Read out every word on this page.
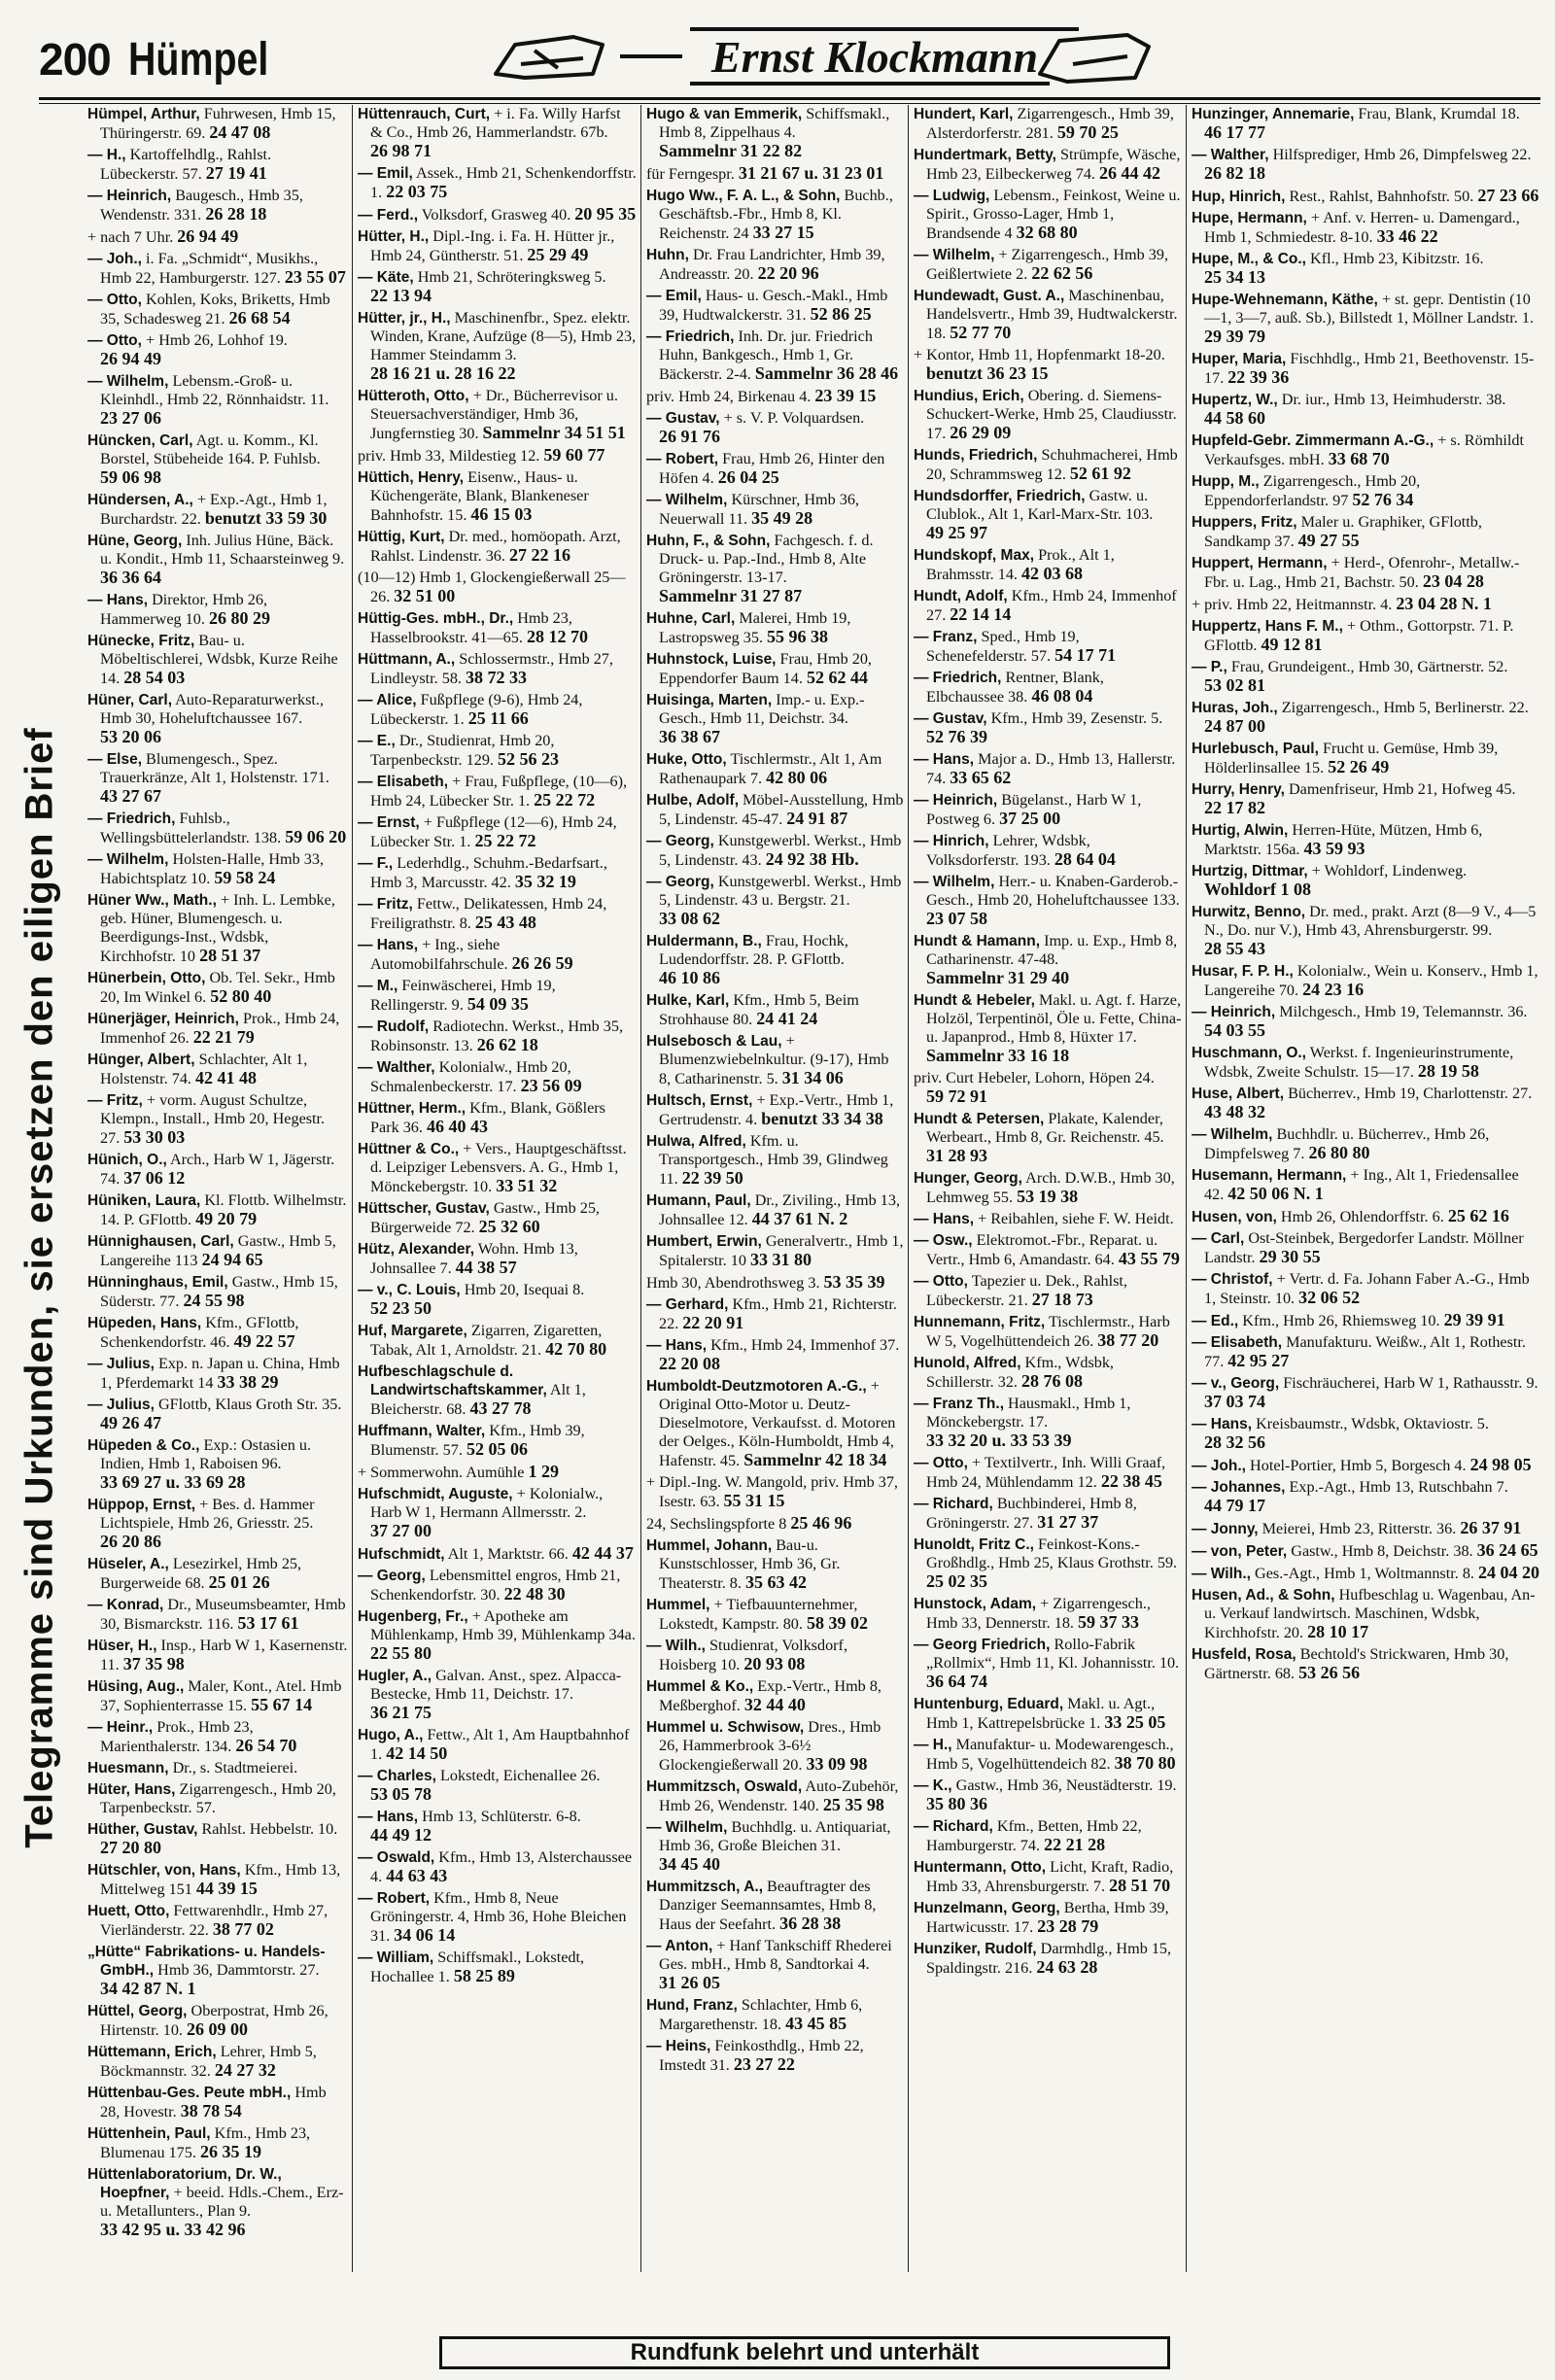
200 Hümpel	Ernst Klockmann
Telegramme sind Urkunden, sie ersetzen den eiligen Brief
Hümpel, Arthur, Fuhrwesen, Hmb 15, Thüringerstr. 69. 24 47 08
— H., Kartoffelhdlg., Rahlst. Lübeckerstr. 57. 27 19 41
— Heinrich, Baugesch., Hmb 35, Wendenstr. 331. 26 28 18
+ nach 7 Uhr. 26 94 49
— Joh., i. Fa. „Schmidt“, Musikhs., Hmb 22, Hamburgerstr. 127. 23 55 07
— Otto, Kohlen, Koks, Briketts, Hmb 35, Schadesweg 21. 26 68 54
— Otto, + Hmb 26, Lohhof 19. 26 94 49
— Wilhelm, Lebensm.-Groß- u. Kleinhdl., Hmb 22, Rönnhaidstr. 11. 23 27 06
Hüncken, Carl, Agt. u. Komm., Kl. Borstel, Stübeheide 164. P. Fuhlsb. 59 06 98
Hündersen, A., + Exp.-Agt., Hmb 1, Burchardstr. 22. benutzt 33 59 30
Hüne, Georg, Inh. Julius Hüne, Bäck. u. Kondit., Hmb 11, Schaarsteinweg 9. 36 36 64
— Hans, Direktor, Hmb 26, Hammerweg 10. 26 80 29
Hünecke, Fritz, Bau- u. Möbeltischlerei, Wdsbk, Kurze Reihe 14. 28 54 03
Hüner, Carl, Auto-Reparaturwerkst., Hmb 30, Hoheluftchaussee 167. 53 20 06
— Else, Blumengesch., Spez. Trauerkränze, Alt 1, Holstenstr. 171. 43 27 67
— Friedrich, Fuhlsb., Wellingsbüttelerlandstr. 138. 59 06 20
— Wilhelm, Holsten-Halle, Hmb 33, Habichtsplatz 10. 59 58 24
Hüner Ww., Math., + Inh. L. Lembke, geb. Hüner, Blumengesch. u. Beerdigungs-Inst., Wdsbk, Kirchhofstr. 10 28 51 37
Hünerbein, Otto, Ob. Tel. Sekr., Hmb 20, Im Winkel 6. 52 80 40
Hünerjäger, Heinrich, Prok., Hmb 24, Immenhof 26. 22 21 79
Hünger, Albert, Schlachter, Alt 1, Holstenstr. 74. 42 41 48
— Fritz, + vorm. August Schultze, Klempn., Install., Hmb 20, Hegestr. 27. 53 30 03
Hünich, O., Arch., Harb W 1, Jägerstr. 74. 37 06 12
Hüniken, Laura, Kl. Flottb. Wilhelmstr. 14. P. GFlottb. 49 20 79
Hünnighausen, Carl, Gastw., Hmb 5, Langereihe 113 24 94 65
Hünninghaus, Emil, Gastw., Hmb 15, Süderstr. 77. 24 55 98
Hüpeden, Hans, Kfm., GFlottb, Schenkendorfstr. 46. 49 22 57
— Julius, Exp. n. Japan u. China, Hmb 1, Pferdemarkt 14 33 38 29
— Julius, GFlottb, Klaus Groth Str. 35. 49 26 47
Hüpeden & Co., Exp.: Ostasien u. Indien, Hmb 1, Raboisen 96. 33 69 27 u. 33 69 28
Hüppop, Ernst, + Bes. d. Hammer Lichtspiele, Hmb 26, Griesstr. 25. 26 20 86
Hüseler, A., Lesezirkel, Hmb 25, Burgerweide 68. 25 01 26
— Konrad, Dr., Museumsbeamter, Hmb 30, Bismarckstr. 116. 53 17 61
Hüser, H., Insp., Harb W 1, Kasernenstr. 11. 37 35 98
Hüsing, Aug., Maler, Kont., Atel. Hmb 37, Sophienterrasse 15. 55 67 14
— Heinr., Prok., Hmb 23, Marienthalerstr. 134. 26 54 70
Huesmann, Dr., s. Stadtmeierei.
Hüter, Hans, Zigarrengesch., Hmb 20, Tarpenbeckstr. 57.
Hüther, Gustav, Rahlst. Hebbelstr. 10. 27 20 80
Hütschler, von, Hans, Kfm., Hmb 13, Mittelweg 151 44 39 15
Huett, Otto, Fettwarenhdlr., Hmb 27, Vierländerstr. 22. 38 77 02
„Hütte“ Fabrikations- u. Handels-GmbH., Hmb 36, Dammtorstr. 27. 34 42 87 N. 1
Hüttel, Georg, Oberpostrat, Hmb 26, Hirtenstr. 10. 26 09 00
Hüttemann, Erich, Lehrer, Hmb 5, Böckmannstr. 32. 24 27 32
Hüttenbau-Ges. Peute mbH., Hmb 28, Hovestr. 38 78 54
Hüttenhein, Paul, Kfm., Hmb 23, Blumenau 175. 26 35 19
Hüttenlaboratorium, Dr. W., Hoepfner, + beeid. Hdls.-Chem., Erz- u. Metallunters., Plan 9. 33 42 95 u. 33 42 96
Hüttenrauch, Curt, + i. Fa. Willy Harfst & Co., Hmb 26, Hammerlandstr. 67b. 26 98 71
— Emil, Assek., Hmb 21, Schenkendorffstr. 1. 22 03 75
— Ferd., Volksdorf, Grasweg 40. 20 95 35
Hütter, H., Dipl.-Ing. i. Fa. H. Hütter jr., Hmb 24, Güntherstr. 51. 25 29 49
— Käte, Hmb 21, Schröteringksweg 5. 22 13 94
Hütter, jr., H., Maschinenfbr., Spez. elektr. Winden, Krane, Aufzüge (8—5), Hmb 23, Hammer Steindamm 3. 28 16 21 u. 28 16 22
Hütteroth, Otto, + Dr., Bücherrevisor u. Steuersachverständiger, Hmb 36, Jungfernstieg 30. Sammelnr 34 51 51
priv. Hmb 33, Mildestieg 12. 59 60 77
Hüttich, Henry, Eisenw., Haus- u. Küchengeräte, Blank, Blankeneser Bahnhofstr. 15. 46 15 03
Hüttig, Kurt, Dr. med., homöopath. Arzt, Rahlst. Lindenstr. 36. 27 22 16
(10—12) Hmb 1, Glockengießerwall 25—26. 32 51 00
Hüttig-Ges. mbH., Dr., Hmb 23, Hasselbrookstr. 41—65. 28 12 70
Hüttmann, A., Schlossermstr., Hmb 27, Lindleystr. 58. 38 72 33
— Alice, Fußpflege (9-6), Hmb 24, Lübeckerstr. 1. 25 11 66
— E., Dr., Studienrat, Hmb 20, Tarpenbeckstr. 129. 52 56 23
— Elisabeth, + Frau, Fußpflege, (10—6), Hmb 24, Lübecker Str. 1. 25 22 72
— Ernst, + Fußpflege (12—6), Hmb 24, Lübecker Str. 1. 25 22 72
— F., Lederhdlg., Schuhm.-Bedarfsart., Hmb 3, Marcusstr. 42. 35 32 19
— Fritz, Fettw., Delikatessen, Hmb 24, Freiligrathstr. 8. 25 43 48
— Hans, + Ing., siehe Automobilfahrschule. 26 26 59
— M., Feinwäscherei, Hmb 19, Rellingerstr. 9. 54 09 35
— Rudolf, Radiotechn. Werkst., Hmb 35, Robinsonstr. 13. 26 62 18
— Walther, Kolonialw., Hmb 20, Schmalenbeckerstr. 17. 23 56 09
Hüttner, Herm., Kfm., Blank, Gößlers Park 36. 46 40 43
Hüttner & Co., + Vers., Hauptgeschäftsst. d. Leipziger Lebensvers. A. G., Hmb 1, Mönckebergstr. 10. 33 51 32
Hüttscher, Gustav, Gastw., Hmb 25, Bürgerweide 72. 25 32 60
Hütz, Alexander, Wohn. Hmb 13, Johnsallee 7. 44 38 57
— v., C. Louis, Hmb 20, Isequai 8. 52 23 50
Huf, Margarete, Zigarren, Zigaretten, Tabak, Alt 1, Arnoldstr. 21. 42 70 80
Hufbeschlagschule d. Landwirtschaftskammer, Alt 1, Bleicherstr. 68. 43 27 78
Huffmann, Walter, Kfm., Hmb 39, Blumenstr. 57. 52 05 06
+ Sommerwohn. Aumühle 1 29
Hufschmidt, Auguste, + Kolonialw., Harb W 1, Hermann Allmersstr. 2. 37 27 00
Hufschmidt, Alt 1, Marktstr. 66. 42 44 37
— Georg, Lebensmittel engros, Hmb 21, Schenkendorfstr. 30. 22 48 30
Hugenberg, Fr., + Apotheke am Mühlenkamp, Hmb 39, Mühlenkamp 34a. 22 55 80
Hugler, A., Galvan. Anst., spez. Alpacca-Bestecke, Hmb 11, Deichstr. 17. 36 21 75
Hugo, A., Fettw., Alt 1, Am Hauptbahnhof 1. 42 14 50
— Charles, Lokstedt, Eichenallee 26. 53 05 78
— Hans, Hmb 13, Schlüterstr. 6-8. 44 49 12
— Oswald, Kfm., Hmb 13, Alsterchaussee 4. 44 63 43
— Robert, Kfm., Hmb 8, Neue Gröningerstr. 4, Hmb 36, Hohe Bleichen 31. 34 06 14
— William, Schiffsmakl., Lokstedt, Hochallee 1. 58 25 89
Hugo & van Emmerik, Schiffsmakl., Hmb 8, Zippelhaus 4. Sammelnr 31 22 82
für Ferngespr. 31 21 67 u. 31 23 01
Hugo Ww., F. A. L., & Sohn, Buchb., Geschäftsb.-Fbr., Hmb 8, Kl. Reichenstr. 24 33 27 15
Huhn, Dr. Frau Landrichter, Hmb 39, Andreasstr. 20. 22 20 96
— Emil, Haus- u. Gesch.-Makl., Hmb 39, Hudtwalckerstr. 31. 52 86 25
— Friedrich, Inh. Dr. jur. Friedrich Huhn, Bankgesch., Hmb 1, Gr. Bäckerstr. 2-4. Sammelnr 36 28 46
priv. Hmb 24, Birkenau 4. 23 39 15
— Gustav, + s. V. P. Volquardsen. 26 91 76
— Robert, Frau, Hmb 26, Hinter den Höfen 4. 26 04 25
— Wilhelm, Kürschner, Hmb 36, Neuerwall 11. 35 49 28
Huhn, F., & Sohn, Fachgesch. f. d. Druck- u. Pap.-Ind., Hmb 8, Alte Gröningerstr. 13-17. Sammelnr 31 27 87
Huhne, Carl, Malerei, Hmb 19, Lastropsweg 35. 55 96 38
Huhnstock, Luise, Frau, Hmb 20, Eppendorfer Baum 14. 52 62 44
Huisinga, Marten, Imp.- u. Exp.-Gesch., Hmb 11, Deichstr. 34. 36 38 67
Huke, Otto, Tischlermstr., Alt 1, Am Rathenaupark 7. 42 80 06
Hulbe, Adolf, Möbel-Ausstellung, Hmb 5, Lindenstr. 45-47. 24 91 87
— Georg, Kunstgewerbl. Werkst., Hmb 5, Lindenstr. 43. 24 92 38 Hb.
— Georg, Kunstgewerbl. Werkst., Hmb 5, Lindenstr. 43 u. Bergstr. 21. 33 08 62
Huldermann, B., Frau, Hochk, Ludendorffstr. 28. P. GFlottb. 46 10 86
Hulke, Karl, Kfm., Hmb 5, Beim Strohhause 80. 24 41 24
Hulsebosch & Lau, + Blumenzwiebelnkultur. (9-17), Hmb 8, Catharinenstr. 5. 31 34 06
Hultsch, Ernst, + Exp.-Vertr., Hmb 1, Gertrudenstr. 4. benutzt 33 34 38
Hulwa, Alfred, Kfm. u. Transportgesch., Hmb 39, Glindweg 11. 22 39 50
Humann, Paul, Dr., Ziviling., Hmb 13, Johnsallee 12. 44 37 61 N. 2
Humbert, Erwin, Generalvertr., Hmb 1, Spitalerstr. 10 33 31 80
Hmb 30, Abendrothsweg 3. 53 35 39
— Gerhard, Kfm., Hmb 21, Richterstr. 22. 22 20 91
— Hans, Kfm., Hmb 24, Immenhof 37. 22 20 08
Humboldt-Deutzmotoren A.-G., + Original Otto-Motor u. Deutz-Dieselmotore, Verkaufsst. d. Motoren der Oelges., Köln-Humboldt, Hmb 4, Hafenstr. 45. Sammelnr 42 18 34
+ Dipl.-Ing. W. Mangold, priv. Hmb 37, Isestr. 63. 55 31 15
24, Sechslingspforte 8 25 46 96
Hummel, Johann, Bau-u. Kunstschlosser, Hmb 36, Gr. Theaterstr. 8. 35 63 42
Hummel, + Tiefbauunternehmer, Lokstedt, Kampstr. 80. 58 39 02
— Wilh., Studienrat, Volksdorf, Hoisberg 10. 20 93 08
Hummel & Ko., Exp.-Vertr., Hmb 8, Meßberghof. 32 44 40
Hummel u. Schwisow, Dres., Hmb 26, Hammerbrook 3-6½ Glockengießerwall 20. 33 09 98
Hummitzsch, Oswald, Auto-Zubehör, Hmb 26, Wendenstr. 140. 25 35 98
— Wilhelm, Buchhdlg. u. Antiquariat, Hmb 36, Große Bleichen 31. 34 45 40
Hummitzsch, A., Beauftragter des Danziger Seemannsamtes, Hmb 8, Haus der Seefahrt. 36 28 38
— Anton, + Hanf Tankschiff Rhederei Ges. mbH., Hmb 8, Sandtorkai 4. 31 26 05
Hund, Franz, Schlachter, Hmb 6, Margarethenstr. 18. 43 45 85
— Heins, Feinkosthdlg., Hmb 22, Imstedt 31. 23 27 22
Hundert, Karl, Zigarrengesch., Hmb 39, Alsterdorferstr. 281. 59 70 25
Hundertmark, Betty, Strümpfe, Wäsche, Hmb 23, Eilbeckerweg 74. 26 44 42
— Ludwig, Lebensm., Feinkost, Weine u. Spirit., Grosso-Lager, Hmb 1, Brandsende 4 32 68 80
— Wilhelm, + Zigarrengesch., Hmb 39, Geißlertwiete 2. 22 62 56
Hundewadt, Gust. A., Maschinenbau, Handelsvertr., Hmb 39, Hudtwalckerstr. 18. 52 77 70
+ Kontor, Hmb 11, Hopfenmarkt 18-20. benutzt 36 23 15
Hundius, Erich, Obering. d. Siemens-Schuckert-Werke, Hmb 25, Claudiusstr. 17. 26 29 09
Hunds, Friedrich, Schuhmacherei, Hmb 20, Schrammsweg 12. 52 61 92
Hundsdorffer, Friedrich, Gastw. u. Clublok., Alt 1, Karl-Marx-Str. 103. 49 25 97
Hundskopf, Max, Prok., Alt 1, Brahmsstr. 14. 42 03 68
Hundt, Adolf, Kfm., Hmb 24, Immenhof 27. 22 14 14
— Franz, Sped., Hmb 19, Schenefelderstr. 57. 54 17 71
— Friedrich, Rentner, Blank, Elbchaussee 38. 46 08 04
— Gustav, Kfm., Hmb 39, Zesenstr. 5. 52 76 39
— Hans, Major a. D., Hmb 13, Hallerstr. 74. 33 65 62
— Heinrich, Bügelanst., Harb W 1, Postweg 6. 37 25 00
— Hinrich, Lehrer, Wdsbk, Volksdorferstr. 193. 28 64 04
— Wilhelm, Herr.- u. Knaben-Garderob.-Gesch., Hmb 20, Hoheluftchaussee 133. 23 07 58
Hundt & Hamann, Imp. u. Exp., Hmb 8, Catharinenstr. 47-48. Sammelnr 31 29 40
Hundt & Hebeler, Makl. u. Agt. f. Harze, Holzöl, Terpentinöl, Öle u. Fette, China- u. Japanprod., Hmb 8, Hüxter 17. Sammelnr 33 16 18
priv. Curt Hebeler, Lohorn, Höpen 24. 59 72 91
Hundt & Petersen, Plakate, Kalender, Werbeart., Hmb 8, Gr. Reichenstr. 45. 31 28 93
Hunger, Georg, Arch. D.W.B., Hmb 30, Lehmweg 55. 53 19 38
— Hans, + Reibahlen, siehe F. W. Heidt.
— Osw., Elektromot.-Fbr., Reparat. u. Vertr., Hmb 6, Amandastr. 64. 43 55 79
— Otto, Tapezier u. Dek., Rahlst, Lübeckerstr. 21. 27 18 73
Hunnemann, Fritz, Tischlermstr., Harb W 5, Vogelhüttendeich 26. 38 77 20
Hunold, Alfred, Kfm., Wdsbk, Schillerstr. 32. 28 76 08
— Franz Th., Hausmakl., Hmb 1, Mönckebergstr. 17. 33 32 20 u. 33 53 39
— Otto, + Textilvertr., Inh. Willi Graaf, Hmb 24, Mühlendamm 12. 22 38 45
— Richard, Buchbinderei, Hmb 8, Gröningerstr. 27. 31 27 37
Hunoldt, Fritz C., Feinkost-Kons.-Großhdlg., Hmb 25, Klaus Grothstr. 59. 25 02 35
Hunstock, Adam, + Zigarrengesch., Hmb 33, Dennerstr. 18. 59 37 33
— Georg Friedrich, Rollo-Fabrik „Rollmix“, Hmb 11, Kl. Johannisstr. 10. 36 64 74
Huntenburg, Eduard, Makl. u. Agt., Hmb 1, Kattrepelsbrücke 1. 33 25 05
— H., Manufaktur- u. Modewarengesch., Hmb 5, Vogelhüttendeich 82. 38 70 80
— K., Gastw., Hmb 36, Neustädterstr. 19. 35 80 36
— Richard, Kfm., Betten, Hmb 22, Hamburgerstr. 74. 22 21 28
Huntermann, Otto, Licht, Kraft, Radio, Hmb 33, Ahrensburgerstr. 7. 28 51 70
Hunzelmann, Georg, Bertha, Hmb 39, Hartwicusstr. 17. 23 28 79
Hunziker, Rudolf, Darmhdlg., Hmb 15, Spaldingstr. 216. 24 63 28
Hunzinger, Annemarie, Frau, Blank, Krumdal 18. 46 17 77
— Walther, Hilfsprediger, Hmb 26, Dimpfelsweg 22. 26 82 18
Hup, Hinrich, Rest., Rahlst, Bahnhofstr. 50. 27 23 66
Hupe, Hermann, + Anf. v. Herren- u. Damengard., Hmb 1, Schmiedestr. 8-10. 33 46 22
Hupe, M., & Co., Kfl., Hmb 23, Kibitzstr. 16. 25 34 13
Hupe-Wehnemann, Käthe, + st. gepr. Dentistin (10—1, 3—7, auß. Sb.), Billstedt 1, Möllner Landstr. 1. 29 39 79
Huper, Maria, Fischhdlg., Hmb 21, Beethovenstr. 15-17. 22 39 36
Hupertz, W., Dr. iur., Hmb 13, Heimhuderstr. 38. 44 58 60
Hupfeld-Gebr. Zimmermann A.-G., + s. Römhildt Verkaufsges. mbH. 33 68 70
Hupp, M., Zigarrengesch., Hmb 20, Eppendorferlandstr. 97 52 76 34
Huppers, Fritz, Maler u. Graphiker, GFlottb, Sandkamp 37. 49 27 55
Huppert, Hermann, + Herd-, Ofenrohr-, Metallw.-Fbr. u. Lag., Hmb 21, Bachstr. 50. 23 04 28
+ priv. Hmb 22, Heitmannstr. 4. 23 04 28 N. 1
Huppertz, Hans F. M., + Othm., Gottorpstr. 71. P. GFlottb. 49 12 81
— P., Frau, Grundeigent., Hmb 30, Gärtnerstr. 52. 53 02 81
Huras, Joh., Zigarrengesch., Hmb 5, Berlinerstr. 22. 24 87 00
Hurlebusch, Paul, Frucht u. Gemüse, Hmb 39, Hölderlinsallee 15. 52 26 49
Hurry, Henry, Damenfriseur, Hmb 21, Hofweg 45. 22 17 82
Hurtig, Alwin, Herren-Hüte, Mützen, Hmb 6, Marktstr. 156a. 43 59 93
Hurtzig, Dittmar, + Wohldorf, Lindenweg. Wohldorf 1 08
Hurwitz, Benno, Dr. med., prakt. Arzt (8—9 V., 4—5 N., Do. nur V.), Hmb 43, Ahrensburgerstr. 99. 28 55 43
Husar, F. P. H., Kolonialw., Wein u. Konserv., Hmb 1, Langereihe 70. 24 23 16
— Heinrich, Milchgesch., Hmb 19, Telemannstr. 36. 54 03 55
Huschmann, O., Werkst. f. Ingenieurinstrumente, Wdsbk, Zweite Schulstr. 15—17. 28 19 58
Huse, Albert, Bücherrev., Hmb 19, Charlottenstr. 27. 43 48 32
— Wilhelm, Buchhdlr. u. Bücherrev., Hmb 26, Dimpfelsweg 7. 26 80 80
Husemann, Hermann, + Ing., Alt 1, Friedensallee 42. 42 50 06 N. 1
Husen, von, Hmb 26, Ohlendorffstr. 6. 25 62 16
— Carl, Ost-Steinbek, Bergedorfer Landstr. Möllner Landstr. 29 30 55
— Christof, + Vertr. d. Fa. Johann Faber A.-G., Hmb 1, Steinstr. 10. 32 06 52
— Ed., Kfm., Hmb 26, Rhiemsweg 10. 29 39 91
— Elisabeth, Manufakturu. Weißw., Alt 1, Rothestr. 77. 42 95 27
— v., Georg, Fischräucherei, Harb W 1, Rathausstr. 9. 37 03 74
— Hans, Kreisbaumstr., Wdsbk, Oktaviostr. 5. 28 32 56
— Joh., Hotel-Portier, Hmb 5, Borgesch 4. 24 98 05
— Johannes, Exp.-Agt., Hmb 13, Rutschbahn 7. 44 79 17
— Jonny, Meierei, Hmb 23, Ritterstr. 36. 26 37 91
— von, Peter, Gastw., Hmb 8, Deichstr. 38. 36 24 65
— Wilh., Ges.-Agt., Hmb 1, Woltmannstr. 8. 24 04 20
Husen, Ad., & Sohn, Hufbeschlag u. Wagenbau, An- u. Verkauf landwirtsch. Maschinen, Wdsbk, Kirchhofstr. 20. 28 10 17
Husfeld, Rosa, Bechtold's Strickwaren, Hmb 30, Gärtnerstr. 68. 53 26 56
Rundfunk belehrt und unterhält
